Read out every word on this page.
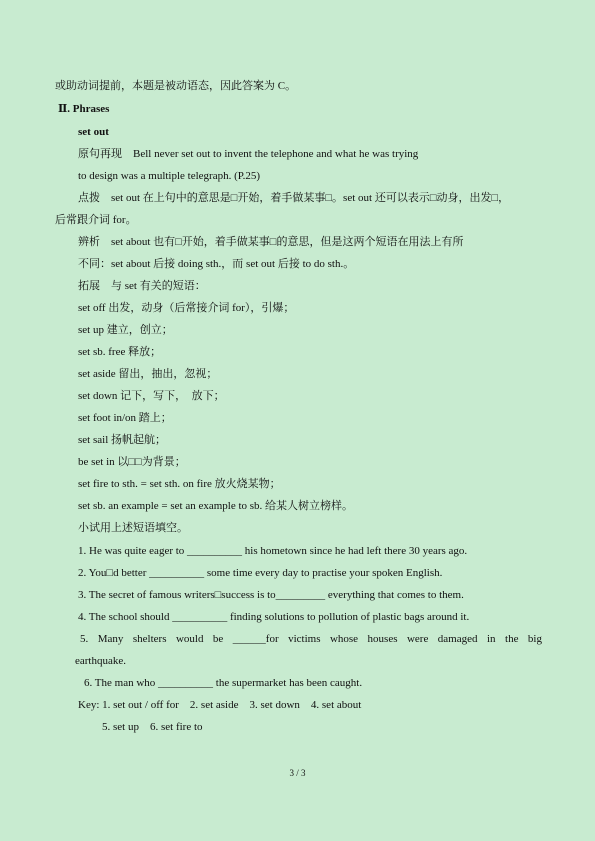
或助动词提前，本题是被动语态，因此答案为 C。
Ⅱ. Phrases
set out
原句再现　Bell never set out to invent the telephone and what he was trying
to design was a multiple telegraph. (P.25)
点拨　set out 在上句中的意思是□开始，着手做某事□。set out 还可以表示□动身，出发□，
后常跟介词 for。
辨析　set about 也有□开始，着手做某事□的意思，但是这两个短语在用法上有所
不同：set about 后接 doing sth.，而 set out 后接 to do sth.。
拓展　与 set 有关的短语：
set off 出发，动身（后常接介词 for），引爆；
set up 建立，创立；
set sb. free 释放；
set aside 留出，抽出，忽视；
set down 记下，写下，　放下；
set foot in/on 踏上；
set sail 扬帆起航；
be set in 以□□为背景；
set fire to sth. = set sth. on fire 放火烧某物；
set sb. an example = set an example to sb. 给某人树立榜样。
小试用上述短语填空。
1. He was quite eager to __________ his hometown since he had left there 30 years ago.
2. You□d better __________ some time every day to practise your spoken English.
3. The secret of famous writers□success is to_________ everything that comes to them.
4. The school should __________ finding solutions to pollution of plastic bags around it.
5. Many shelters would be ______for victims whose houses were damaged in the big
earthquake.
6. The man who __________ the supermarket has been caught.
Key: 1. set out / off for　2. set aside　3. set down　4. set about
5. set up　6. set fire to
3 / 3
